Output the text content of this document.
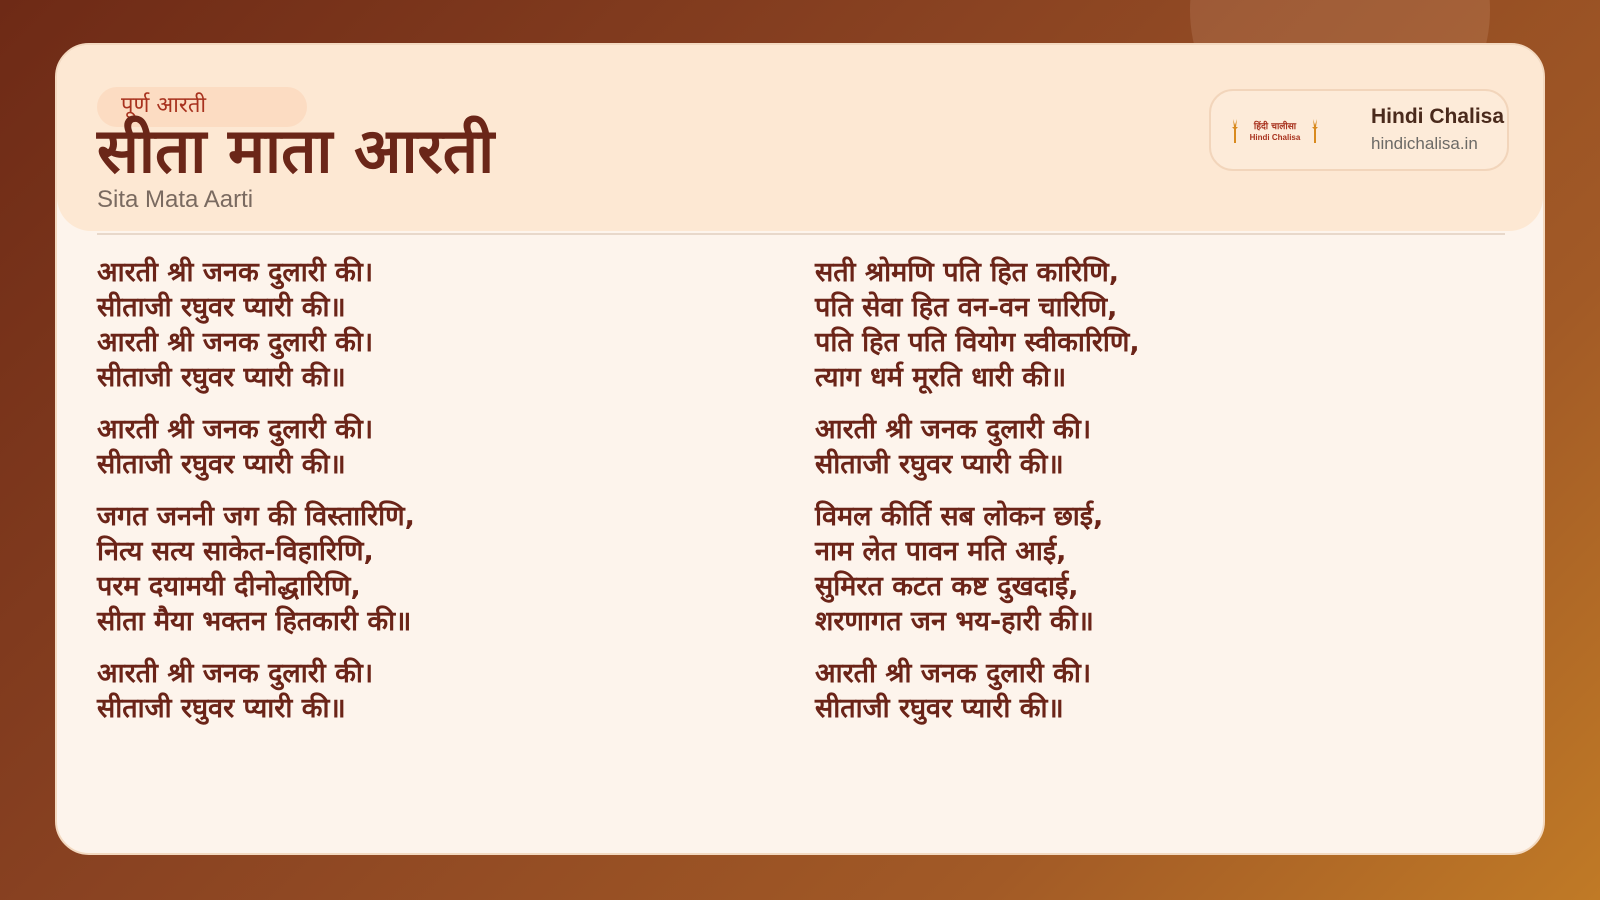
पूर्ण आरती
सीता माता आरती
Sita Mata Aarti
हिंदी चालीसा
Hindi Chalisa
Hindi Chalisa
hindichalisa.in
आरती श्री जनक दुलारी की।
सीताजी रघुवर प्यारी की॥
आरती श्री जनक दुलारी की।
सीताजी रघुवर प्यारी की॥
आरती श्री जनक दुलारी की।
सीताजी रघुवर प्यारी की॥
जगत जननी जग की विस्तारिणि,
नित्य सत्य साकेत-विहारिणि,
परम दयामयी दीनोद्धारिणि,
सीता मैया भक्तन हितकारी की॥
आरती श्री जनक दुलारी की।
सीताजी रघुवर प्यारी की॥
सती श्रोमणि पति हित कारिणि,
पति सेवा हित वन-वन चारिणि,
पति हित पति वियोग स्वीकारिणि,
त्याग धर्म मूरति धारी की॥
आरती श्री जनक दुलारी की।
सीताजी रघुवर प्यारी की॥
विमल कीर्ति सब लोकन छाई,
नाम लेत पावन मति आई,
सुमिरत कटत कष्ट दुखदाई,
शरणागत जन भय-हारी की॥
आरती श्री जनक दुलारी की।
सीताजी रघुवर प्यारी की॥
